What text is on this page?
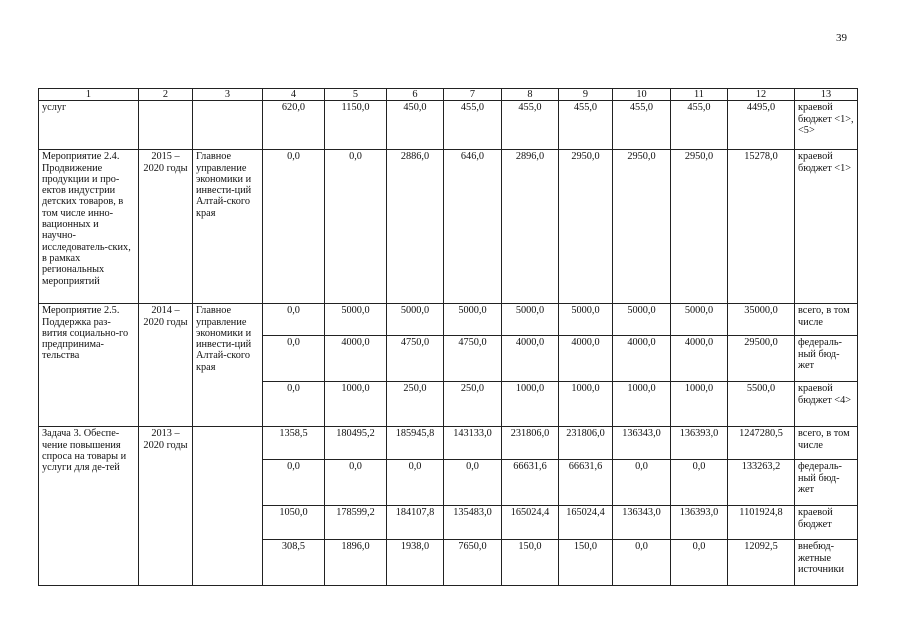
39
1	2	3	4	5	6	7	8	9	10	11	12	13
услуг			620,0	1150,0	450,0	455,0	455,0	455,0	455,0	455,0	4495,0	краевой бюджет <1>, <5>
Мероприятие 2.4. Продвижение продукции и про-ектов индустрии детских товаров, в том числе инно-вационных и научно-исследователь-ских, в рамках региональных мероприятий	2015 – 2020 годы	Главное управление экономики и инвести-ций Алтай-ского края	0,0	0,0	2886,0	646,0	2896,0	2950,0	2950,0	2950,0	15278,0	краевой бюджет <1>
Мероприятие 2.5. Поддержка раз-вития социально-го предпринима-тельства	2014 – 2020 годы	Главное управление экономики и инвести-ций Алтай-ского края	0,0	5000,0	5000,0	5000,0	5000,0	5000,0	5000,0	5000,0	35000,0	всего, в том числе
			0,0	4000,0	4750,0	4750,0	4000,0	4000,0	4000,0	4000,0	29500,0	федераль-ный бюд-жет
			0,0	1000,0	250,0	250,0	1000,0	1000,0	1000,0	1000,0	5500,0	краевой бюджет <4>
Задача 3. Обеспе-чение повышения спроса на товары и услуги для де-тей	2013 – 2020 годы		1358,5	180495,2	185945,8	143133,0	231806,0	231806,0	136343,0	136393,0	1247280,5	всего, в том числе
			0,0	0,0	0,0	0,0	66631,6	66631,6	0,0	0,0	133263,2	федераль-ный бюд-жет
			1050,0	178599,2	184107,8	135483,0	165024,4	165024,4	136343,0	136393,0	1101924,8	краевой бюджет
			308,5	1896,0	1938,0	7650,0	150,0	150,0	0,0	0,0	12092,5	внебюд-жетные источники
